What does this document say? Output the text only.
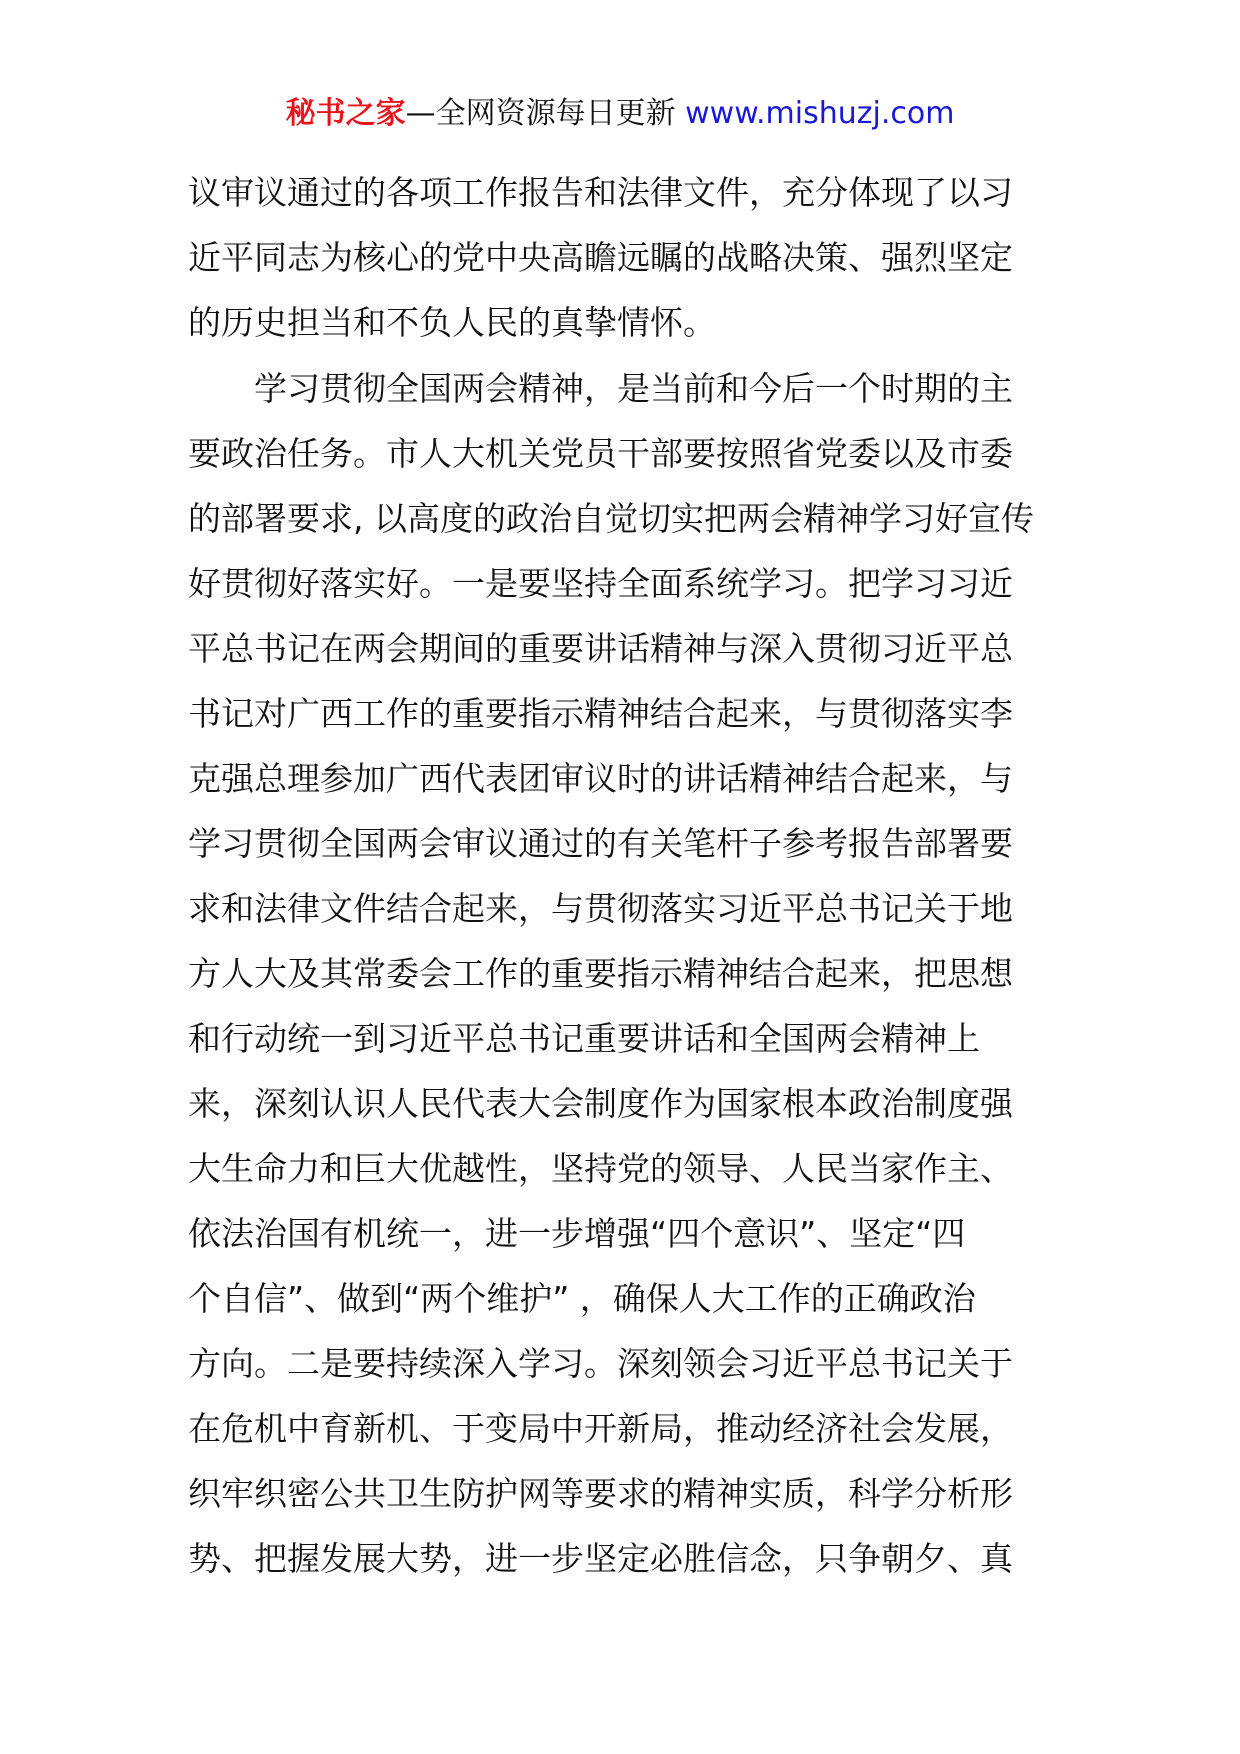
秘书之家—全网资源每日更新 www.mishuzj.com
议审议通过的各项工作报告和法律文件，充分体现了以习
近平同志为核心的党中央高瞻远瞩的战略决策、强烈坚定
的历史担当和不负人民的真挚情怀。
　　学习贯彻全国两会精神，是当前和今后一个时期的主
要政治任务。市人大机关党员干部要按照省党委以及市委
的部署要求, 以高度的政治自觉切实把两会精神学习好宣传
好贯彻好落实好。一是要坚持全面系统学习。把学习习近
平总书记在两会期间的重要讲话精神与深入贯彻习近平总
书记对广西工作的重要指示精神结合起来，与贯彻落实李
克强总理参加广西代表团审议时的讲话精神结合起来，与
学习贯彻全国两会审议通过的有关笔杆子参考报告部署要
求和法律文件结合起来，与贯彻落实习近平总书记关于地
方人大及其常委会工作的重要指示精神结合起来，把思想
和行动统一到习近平总书记重要讲话和全国两会精神上
来，深刻认识人民代表大会制度作为国家根本政治制度强
大生命力和巨大优越性，坚持党的领导、人民当家作主、
依法治国有机统一，进一步增强“四个意识”、坚定“四
个自信”、做到“两个维护” ，确保人大工作的正确政治
方向。二是要持续深入学习。深刻领会习近平总书记关于
在危机中育新机、于变局中开新局，推动经济社会发展，
织牢织密公共卫生防护网等要求的精神实质，科学分析形
势、把握发展大势，进一步坚定必胜信念，只争朝夕、真
